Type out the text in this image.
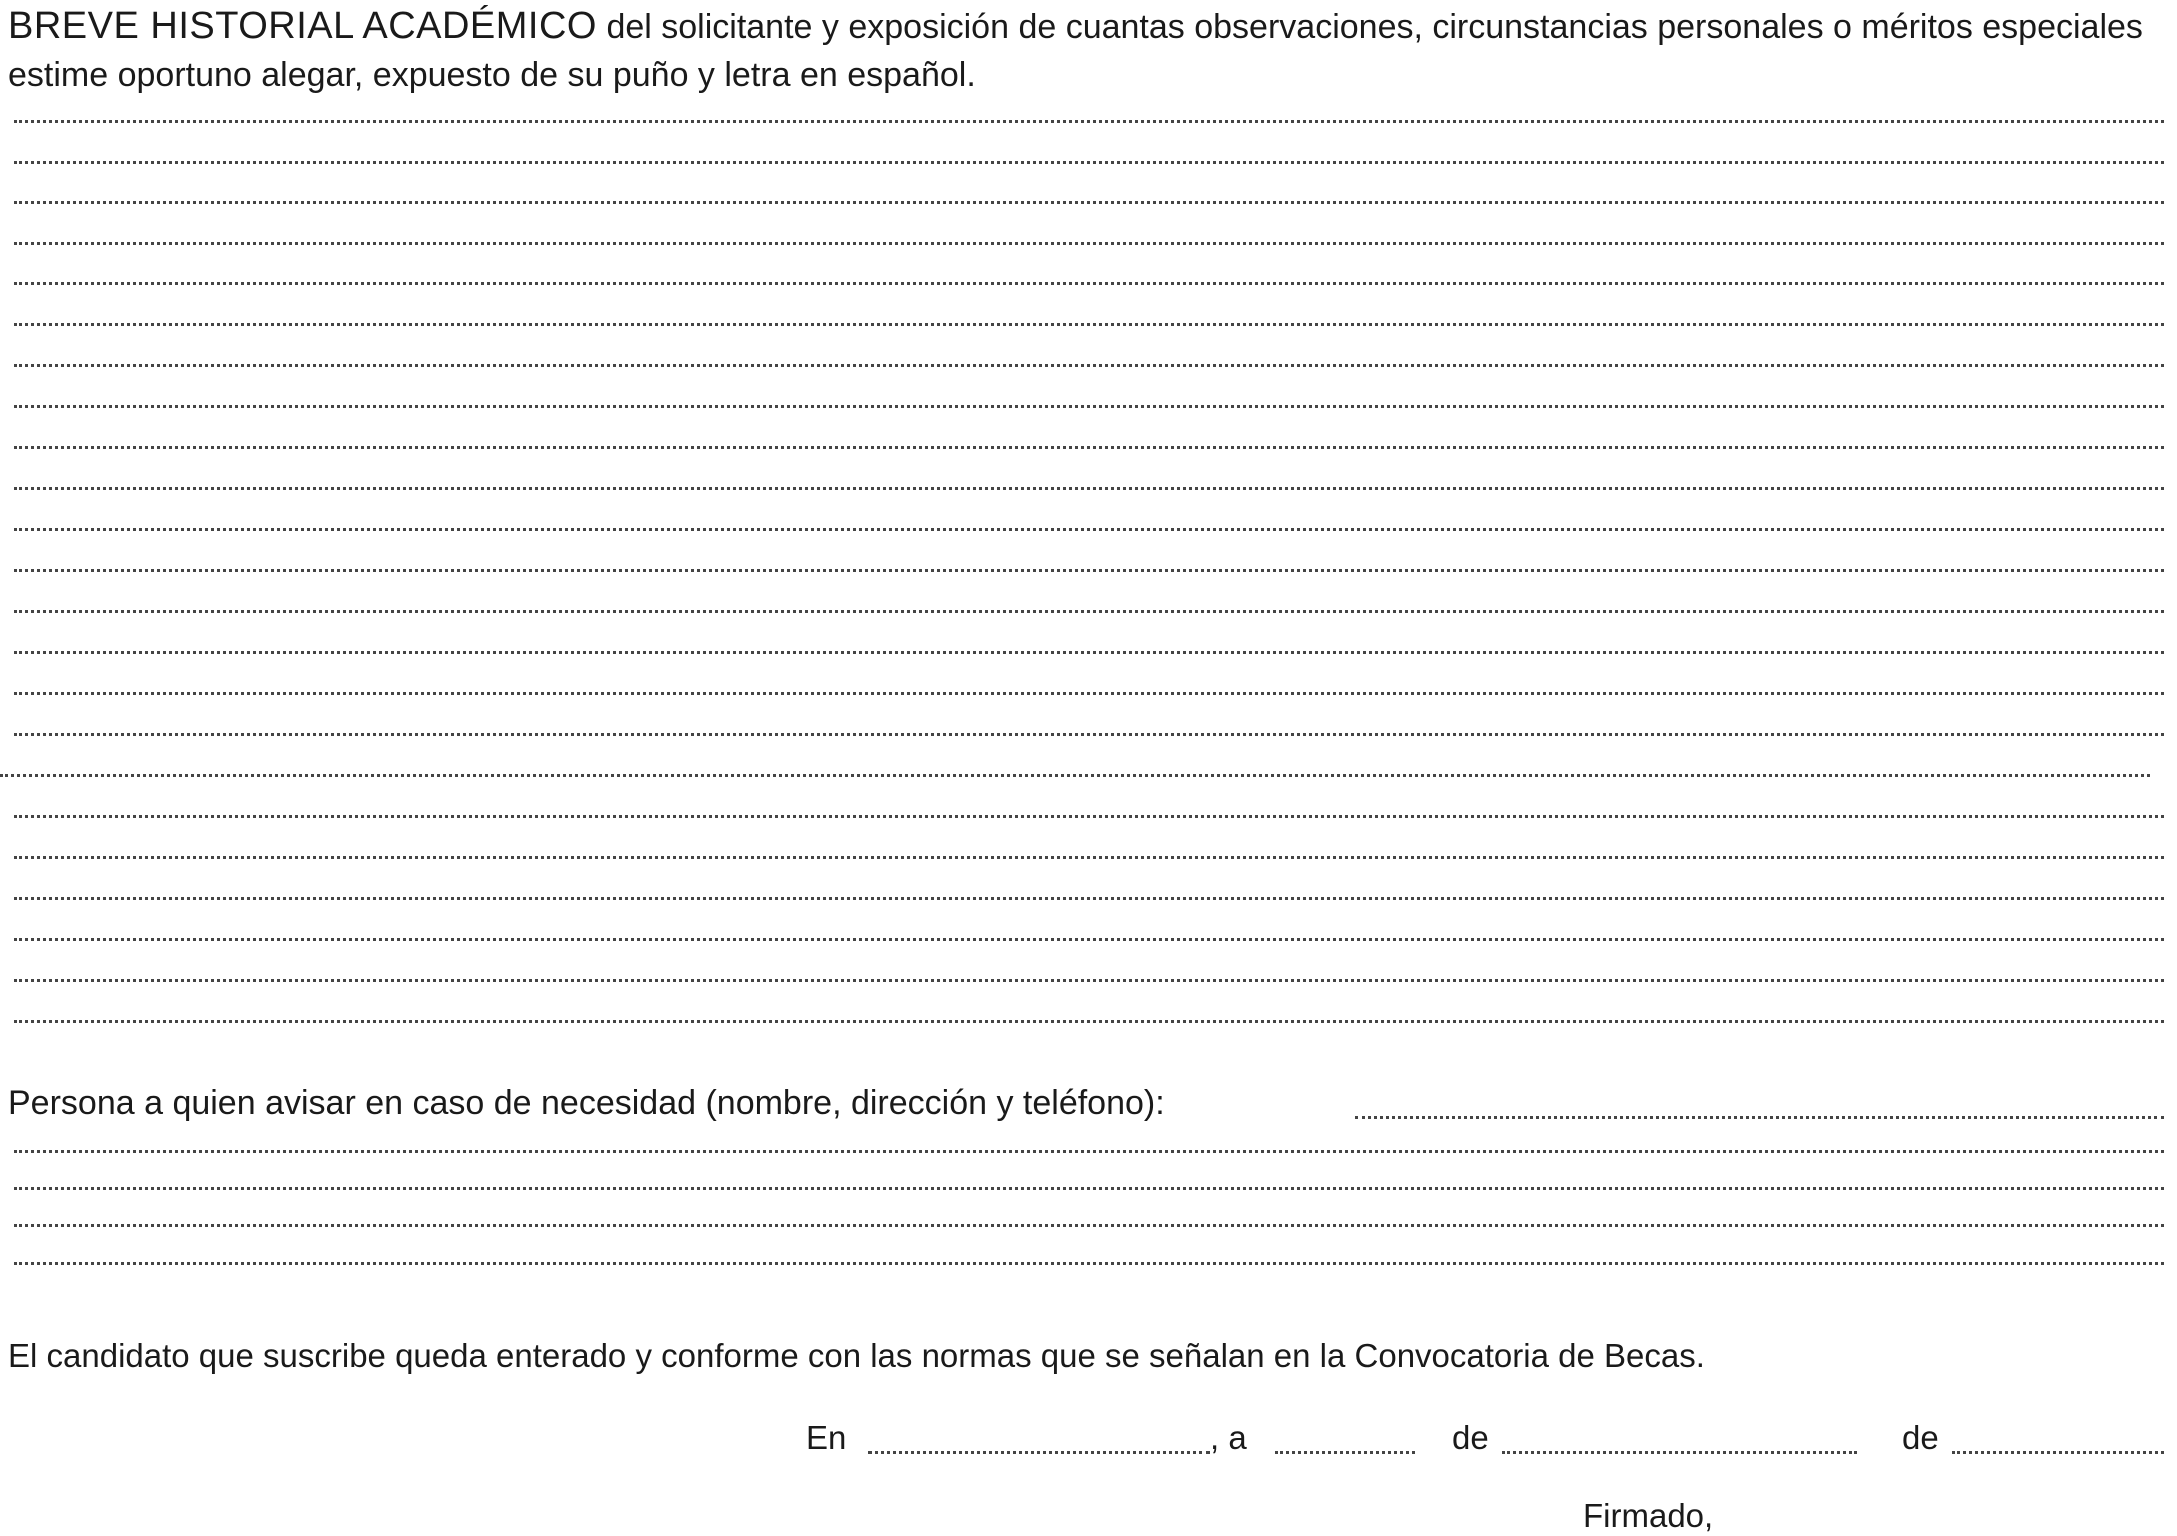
BREVE HISTORIAL ACADÉMICO del solicitante y exposición de cuantas observaciones, circunstancias personales o méritos especiales estime oportuno alegar, expuesto de su puño y letra en español.
Persona a quien avisar en caso de necesidad (nombre, dirección y teléfono):
El candidato que suscribe queda enterado y conforme con las normas que se señalan en la Convocatoria de Becas.
En	, a	de	de
Firmado,
